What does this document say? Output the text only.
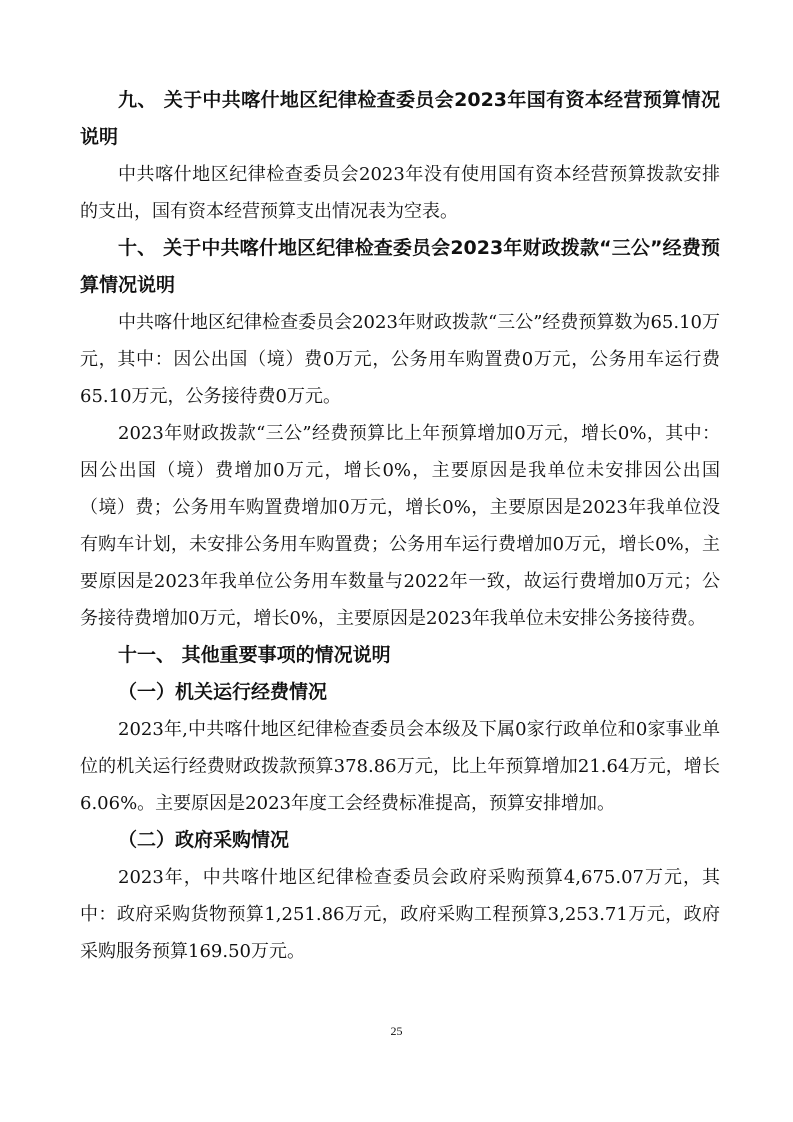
九、 关于中共喀什地区纪律检查委员会2023年国有资本经营预算情况说明

中共喀什地区纪律检查委员会2023年没有使用国有资本经营预算拨款安排的支出，国有资本经营预算支出情况表为空表。

十、 关于中共喀什地区纪律检查委员会2023年财政拨款“三公”经费预算情况说明

中共喀什地区纪律检查委员会2023年财政拨款“三公”经费预算数为65.10万元，其中：因公出国（境）费0万元，公务用车购置费0万元，公务用车运行费65.10万元，公务接待费0万元。

2023年财政拨款“三公”经费预算比上年预算增加0万元，增长0%，其中：因公出国（境）费增加0万元，增长0%，主要原因是我单位未安排因公出国（境）费；公务用车购置费增加0万元，增长0%，主要原因是2023年我单位没有购车计划，未安排公务用车购置费；公务用车运行费增加0万元，增长0%，主要原因是2023年我单位公务用车数量与2022年一致，故运行费增加0万元；公务接待费增加0万元，增长0%，主要原因是2023年我单位未安排公务接待费。

十一、 其他重要事项的情况说明
（一）机关运行经费情况

2023年,中共喀什地区纪律检查委员会本级及下属0家行政单位和0家事业单位的机关运行经费财政拨款预算378.86万元，比上年预算增加21.64万元，增长6.06%。主要原因是2023年度工会经费标准提高，预算安排增加。

（二）政府采购情况

2023年，中共喀什地区纪律检查委员会政府采购预算4,675.07万元，其中：政府采购货物预算1,251.86万元，政府采购工程预算3,253.71万元，政府采购服务预算169.50万元。

25
